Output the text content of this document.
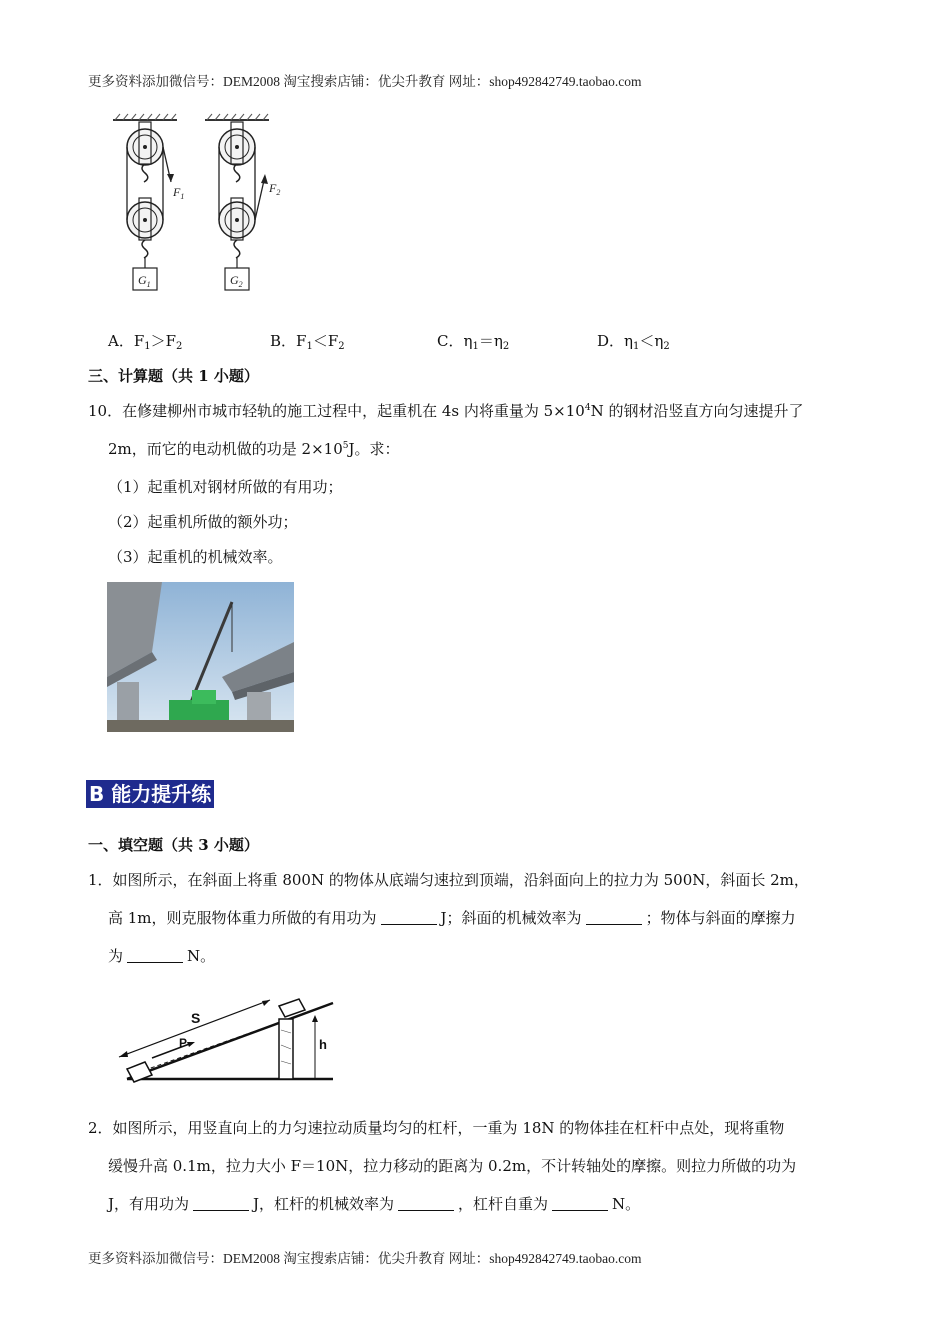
更多资料添加微信号：DEM2008 淘宝搜索店铺：优尖升教育 网址：shop492842749.taobao.com
$F_1$
$F_2$
$G_1$	$G_2$
A．$F_1>F_2$	B．$F_1<F_2$	C．$\eta_1=\eta_2$	D．$\eta_1<\eta_2$
三、计算题（共 1 小题）
10．在修建柳州市城市轻轨的施工过程中，起重机在 4s 内将重量为 $5\times 10^4N$ 的钢材沿竖直方向匀速提升了
2m，而它的电动机做的功是 $2\times 10^5J$。求：
（1）起重机对钢材所做的有用功；
（2）起重机所做的额外功；
（3）起重机的机械效率。
B 能力提升练
一、填空题（共 3 小题）
1．如图所示，在斜面上将重 800N 的物体从底端匀速拉到顶端，沿斜面向上的拉力为 500N，斜面长 2m，
高 1m，则克服物体重力所做的有用功为	J；斜面的机械效率为	；物体与斜面的摩擦力
为	N。
S
P	h
2．如图所示，用竖直向上的力匀速拉动质量均匀的杠杆，一重为 18N 的物体挂在杠杆中点处，现将重物
缓慢升高 0.1m，拉力大小 F＝10N，拉力移动的距离为 0.2m，不计转轴处的摩擦。则拉力所做的功为
J，有用功为	J，杠杆的机械效率为	，杠杆自重为	N。
更多资料添加微信号：DEM2008 淘宝搜索店铺：优尖升教育 网址：shop492842749.taobao.com
